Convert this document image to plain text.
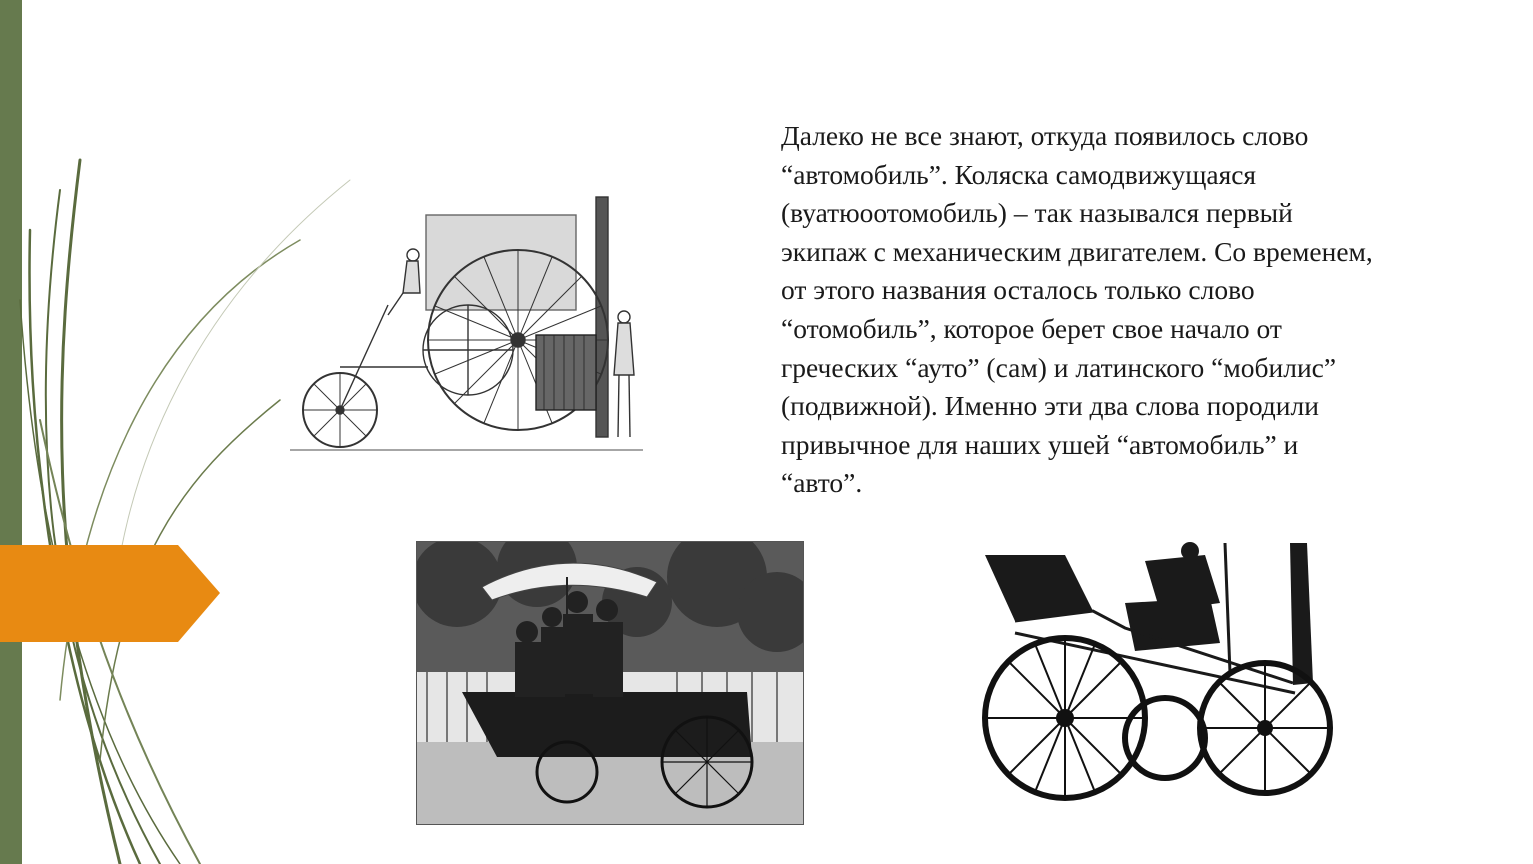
Далеко не все знают, откуда появилось слово
“автомобиль”. Коляска самодвижущаяся
(вуатюоотомобиль) – так назывался первый
экипаж с механическим двигателем. Со временем,
от этого названия осталось только слово
“отомобиль”, которое берет свое начало от
греческих “ауто” (сам) и латинского “мобилис”
(подвижной). Именно эти два слова породили
привычное для наших ушей “автомобиль” и
“авто”.
